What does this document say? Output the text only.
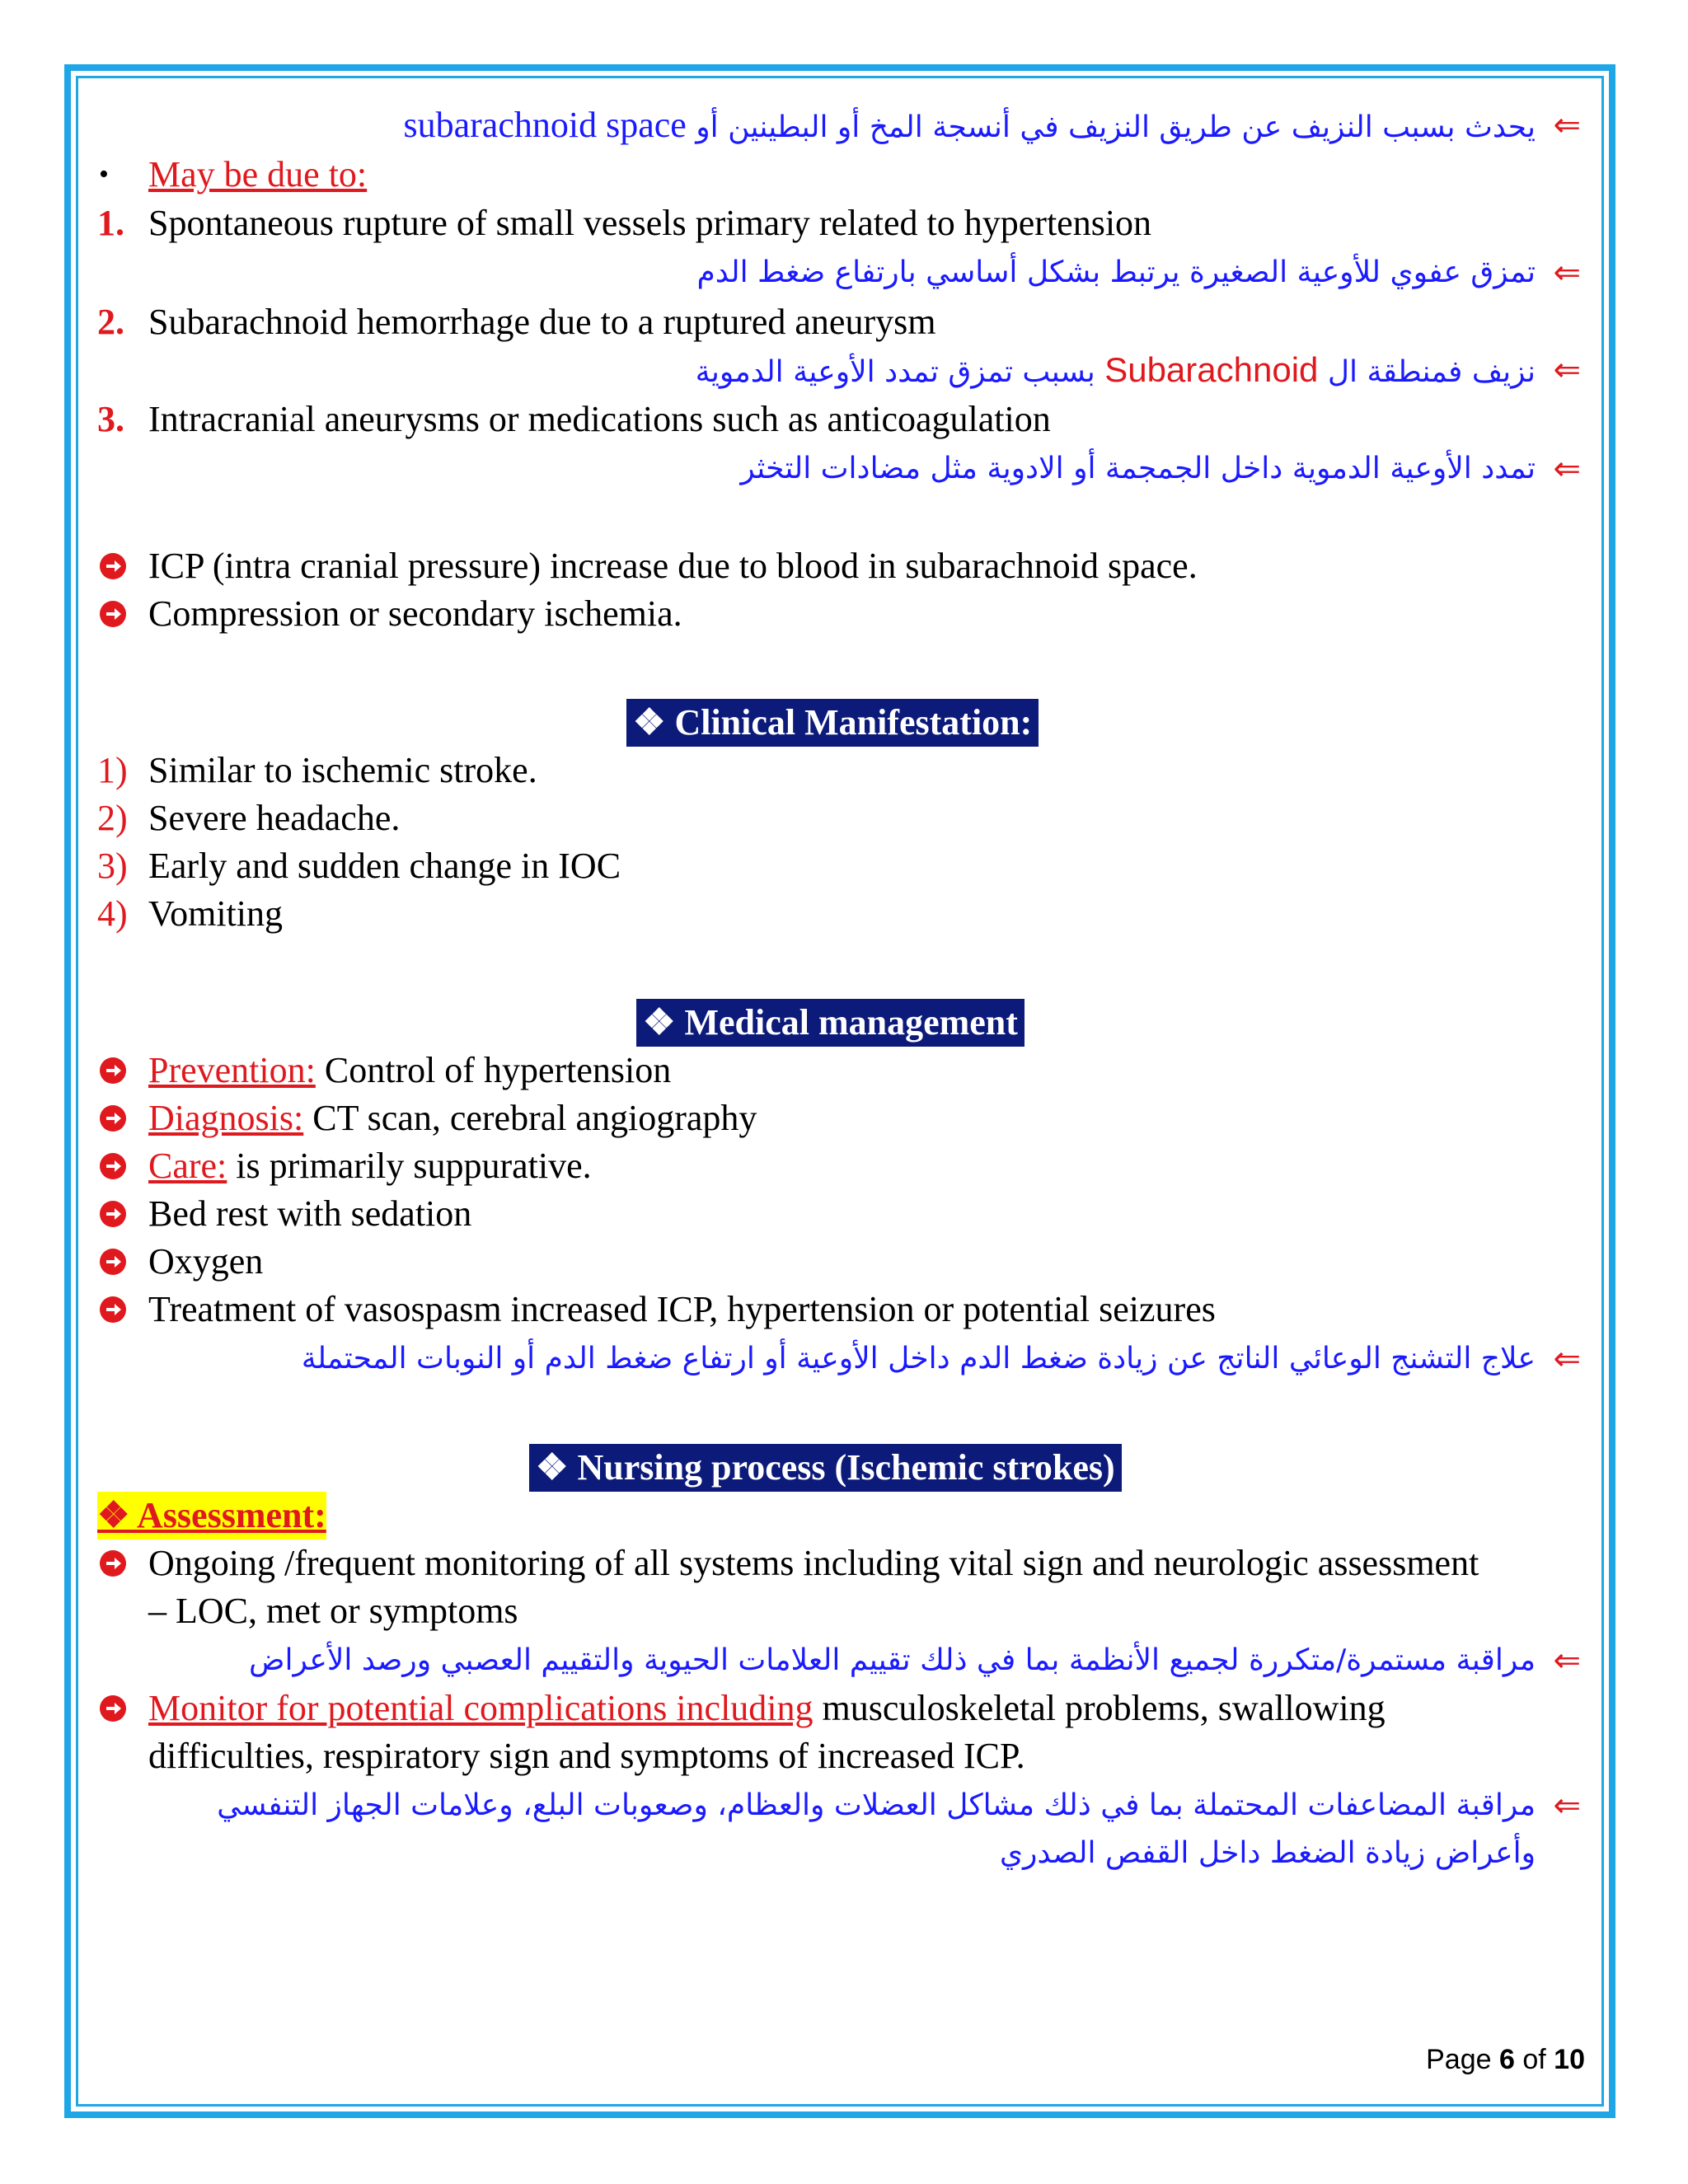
⇐
يحدث بسبب النزيف عن طريق النزيف في أنسجة المخ أو البطينين أو subarachnoid space
• May be due to:
1. Spontaneous rupture of small vessels primary related to hypertension
⇐
تمزق عفوي للأوعية الصغيرة يرتبط بشكل أساسي بارتفاع ضغط الدم
2. Subarachnoid hemorrhage due to a ruptured aneurysm
⇐
نزيف فمنطقة ال Subarachnoid بسبب تمزق تمدد الأوعية الدموية
3. Intracranial aneurysms or medications such as anticoagulation
⇐
تمدد الأوعية الدموية داخل الجمجمة أو الادوية مثل مضادات التخثر
ICP (intra cranial pressure) increase due to blood in subarachnoid space.
Compression or secondary ischemia.
❖ Clinical Manifestation:
1) Similar to ischemic stroke.
2) Severe headache.
3) Early and sudden change in IOC
4) Vomiting
❖ Medical management
Prevention: Control of hypertension
Diagnosis: CT scan, cerebral angiography
Care: is primarily suppurative.
Bed rest with sedation
Oxygen
Treatment of vasospasm increased ICP, hypertension or potential seizures
⇐
علاج التشنج الوعائي الناتج عن زيادة ضغط الدم داخل الأوعية أو ارتفاع ضغط الدم أو النوبات المحتملة
❖ Nursing process (Ischemic strokes)
❖ Assessment:
Ongoing /frequent monitoring of all systems including vital sign and neurologic assessment
– LOC, met or symptoms
⇐
مراقبة مستمرة/متكررة لجميع الأنظمة بما في ذلك تقييم العلامات الحيوية والتقييم العصبي ورصد الأعراض
Monitor for potential complications including musculoskeletal problems, swallowing
difficulties, respiratory sign and symptoms of increased ICP.
⇐
مراقبة المضاعفات المحتملة بما في ذلك مشاكل العضلات والعظام، وصعوبات البلع، وعلامات الجهاز التنفسي
وأعراض زيادة الضغط داخل القفص الصدري
Page 6 of 10
